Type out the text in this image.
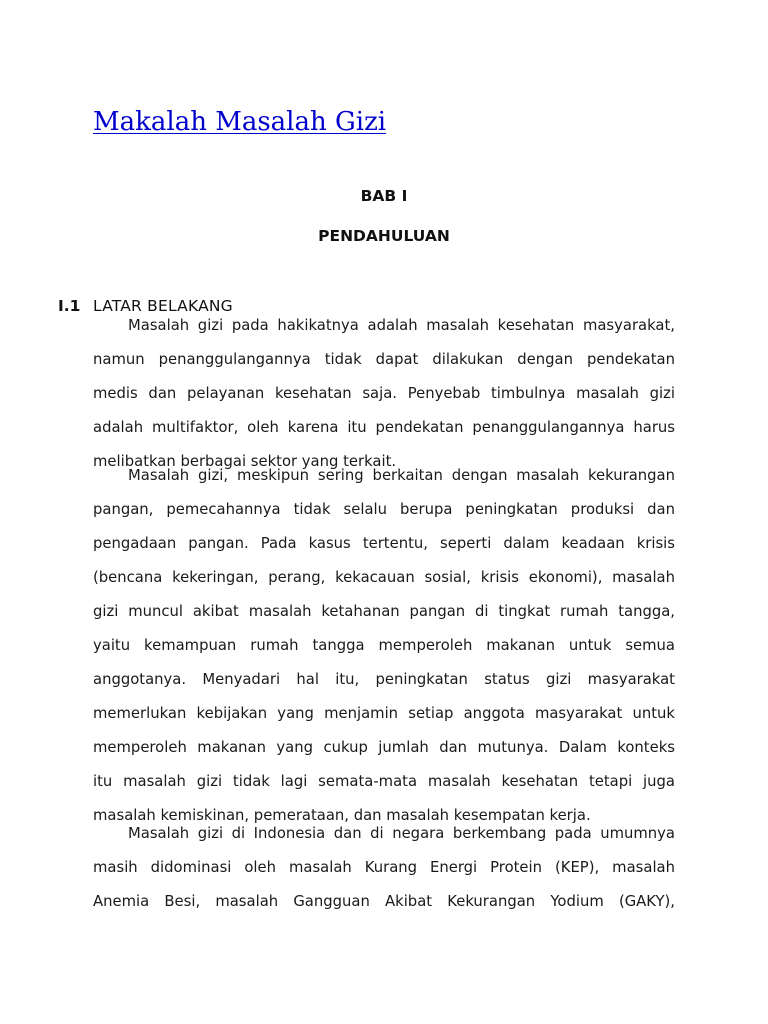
Makalah Masalah Gizi
BAB I
PENDAHULUAN
I.1 LATAR BELAKANG
Masalah gizi pada hakikatnya adalah masalah kesehatan masyarakat,
namun penanggulangannya tidak dapat dilakukan dengan pendekatan
medis dan pelayanan kesehatan saja. Penyebab timbulnya masalah gizi
adalah multifaktor, oleh karena itu pendekatan penanggulangannya harus
melibatkan berbagai sektor yang terkait.
Masalah gizi, meskipun sering berkaitan dengan masalah kekurangan
pangan, pemecahannya tidak selalu berupa peningkatan produksi dan
pengadaan pangan. Pada kasus tertentu, seperti dalam keadaan krisis
(bencana kekeringan, perang, kekacauan sosial, krisis ekonomi), masalah
gizi muncul akibat masalah ketahanan pangan di tingkat rumah tangga,
yaitu kemampuan rumah tangga memperoleh makanan untuk semua
anggotanya. Menyadari hal itu, peningkatan status gizi masyarakat
memerlukan kebijakan yang menjamin setiap anggota masyarakat untuk
memperoleh makanan yang cukup jumlah dan mutunya. Dalam konteks
itu masalah gizi tidak lagi semata-mata masalah kesehatan tetapi juga
masalah kemiskinan, pemerataan, dan masalah kesempatan kerja.
Masalah gizi di Indonesia dan di negara berkembang pada umumnya
masih didominasi oleh masalah Kurang Energi Protein (KEP), masalah
Anemia Besi, masalah Gangguan Akibat Kekurangan Yodium (GAKY),
